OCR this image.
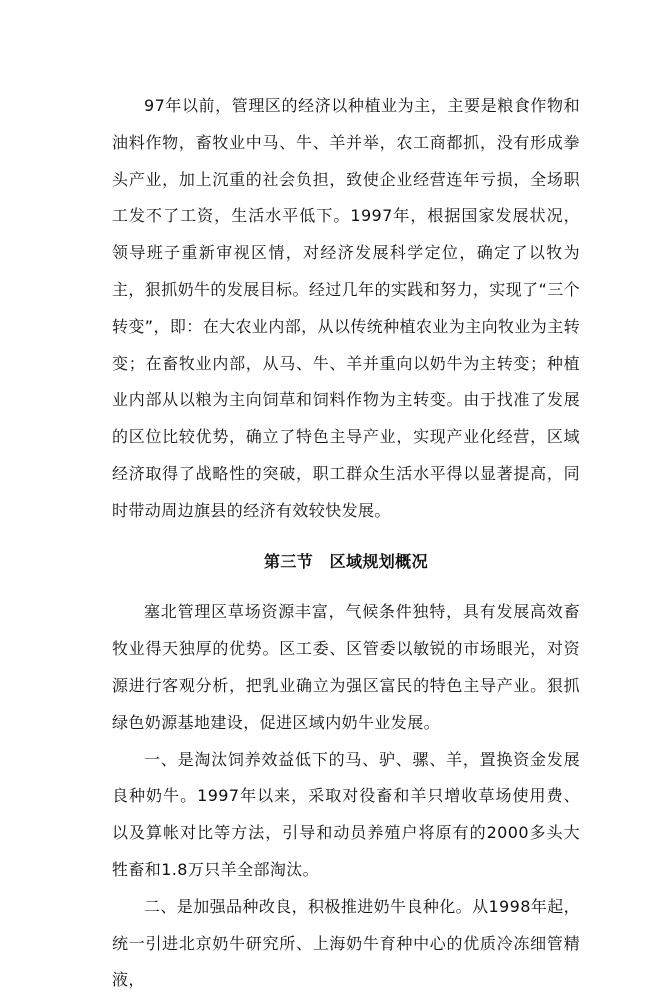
97年以前，管理区的经济以种植业为主，主要是粮食作物和油料作物，畜牧业中马、牛、羊并举，农工商都抓，没有形成拳头产业，加上沉重的社会负担，致使企业经营连年亏损，全场职工发不了工资，生活水平低下。1997年，根据国家发展状况，领导班子重新审视区情，对经济发展科学定位，确定了以牧为主，狠抓奶牛的发展目标。经过几年的实践和努力，实现了“三个转变”，即：在大农业内部，从以传统种植农业为主向牧业为主转变；在畜牧业内部，从马、牛、羊并重向以奶牛为主转变；种植业内部从以粮为主向饲草和饲料作物为主转变。由于找准了发展的区位比较优势，确立了特色主导产业，实现产业化经营，区域经济取得了战略性的突破，职工群众生活水平得以显著提高，同时带动周边旗县的经济有效较快发展。

第三节　区域规划概况

塞北管理区草场资源丰富，气候条件独特，具有发展高效畜牧业得天独厚的优势。区工委、区管委以敏锐的市场眼光，对资源进行客观分析，把乳业确立为强区富民的特色主导产业。狠抓绿色奶源基地建设，促进区域内奶牛业发展。

一、是淘汰饲养效益低下的马、驴、骡、羊，置换资金发展良种奶牛。1997年以来，采取对役畜和羊只增收草场使用费、以及算帐对比等方法，引导和动员养殖户将原有的2000多头大牲畜和1.8万只羊全部淘汰。

二、是加强品种改良，积极推进奶牛良种化。从1998年起，统一引进北京奶牛研究所、上海奶牛育种中心的优质冷冻细管精液，
